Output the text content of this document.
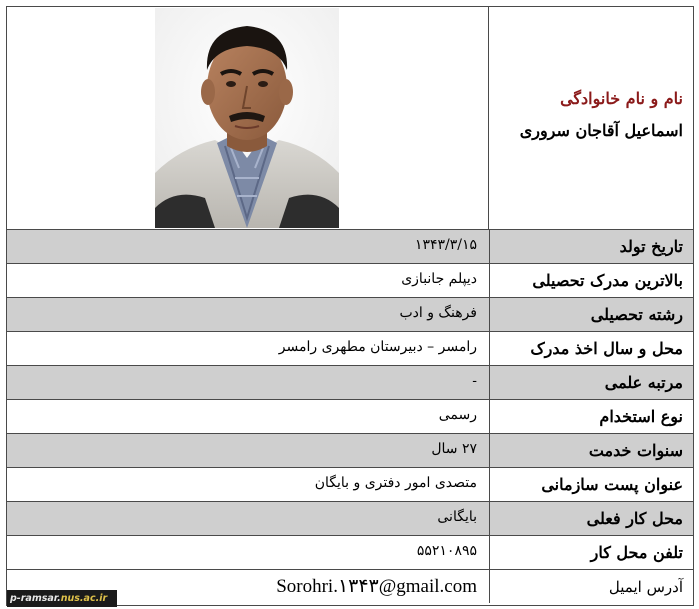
نام و نام خانوادگی
اسماعیل آقاجان سروری
تاریخ تولد
۱۳۴۳/۳/۱۵
بالاترین مدرک تحصیلی
دیپلم جانبازی
رشته تحصیلی
فرهنگ و ادب
محل و سال اخذ مدرک
رامسر – دبیرستان مطهری رامسر
مرتبه علمی
-
نوع استخدام
رسمی
سنوات خدمت
۲۷ سال
عنوان پست سازمانی
متصدی امور دفتری و بایگان
محل کار فعلی
بایگانی
تلفن محل کار
۵۵۲۱۰۸۹۵
آدرس ایمیل
Sorohri.۱۳۴۳@gmail.com
p-ramsar.nus.ac.ir
